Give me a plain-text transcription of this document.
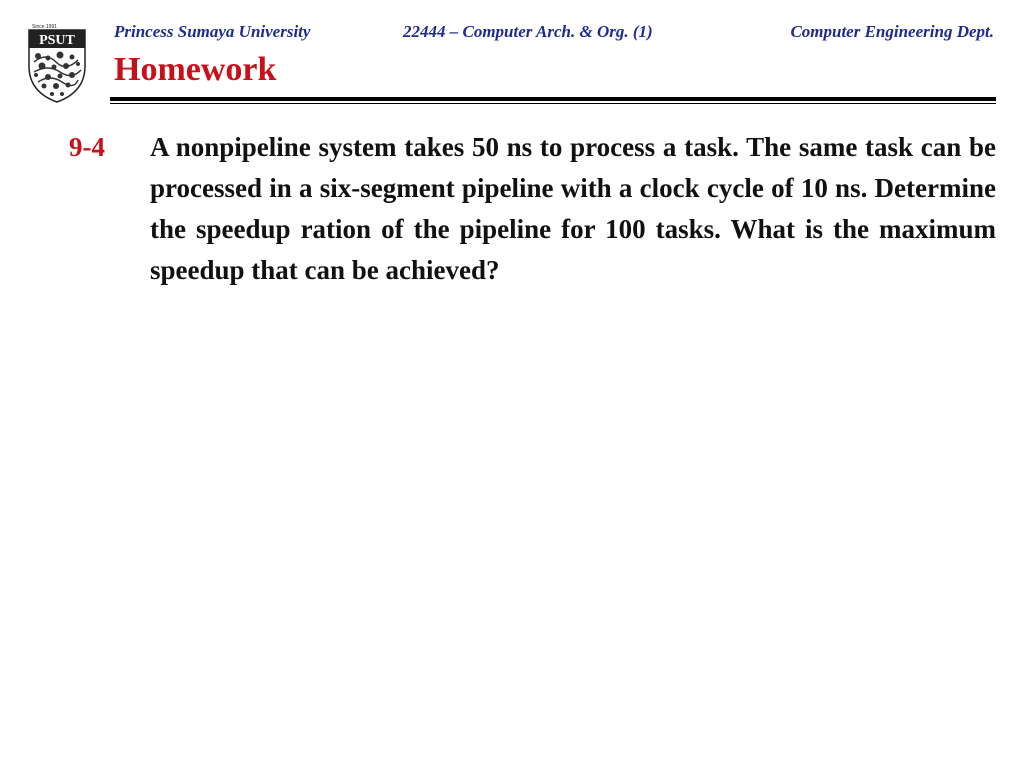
Since 1991
PSUT Princess Sumaya University	22444 – Computer Arch. & Org. (1)	Computer Engineering Dept.
Homework
9-4 A nonpipeline system takes 50 ns to process a task. The same task can be processed in a six-segment pipeline with a clock cycle of 10 ns. Determine the speedup ration of the pipeline for 100 tasks. What is the maximum speedup that can be achieved?
